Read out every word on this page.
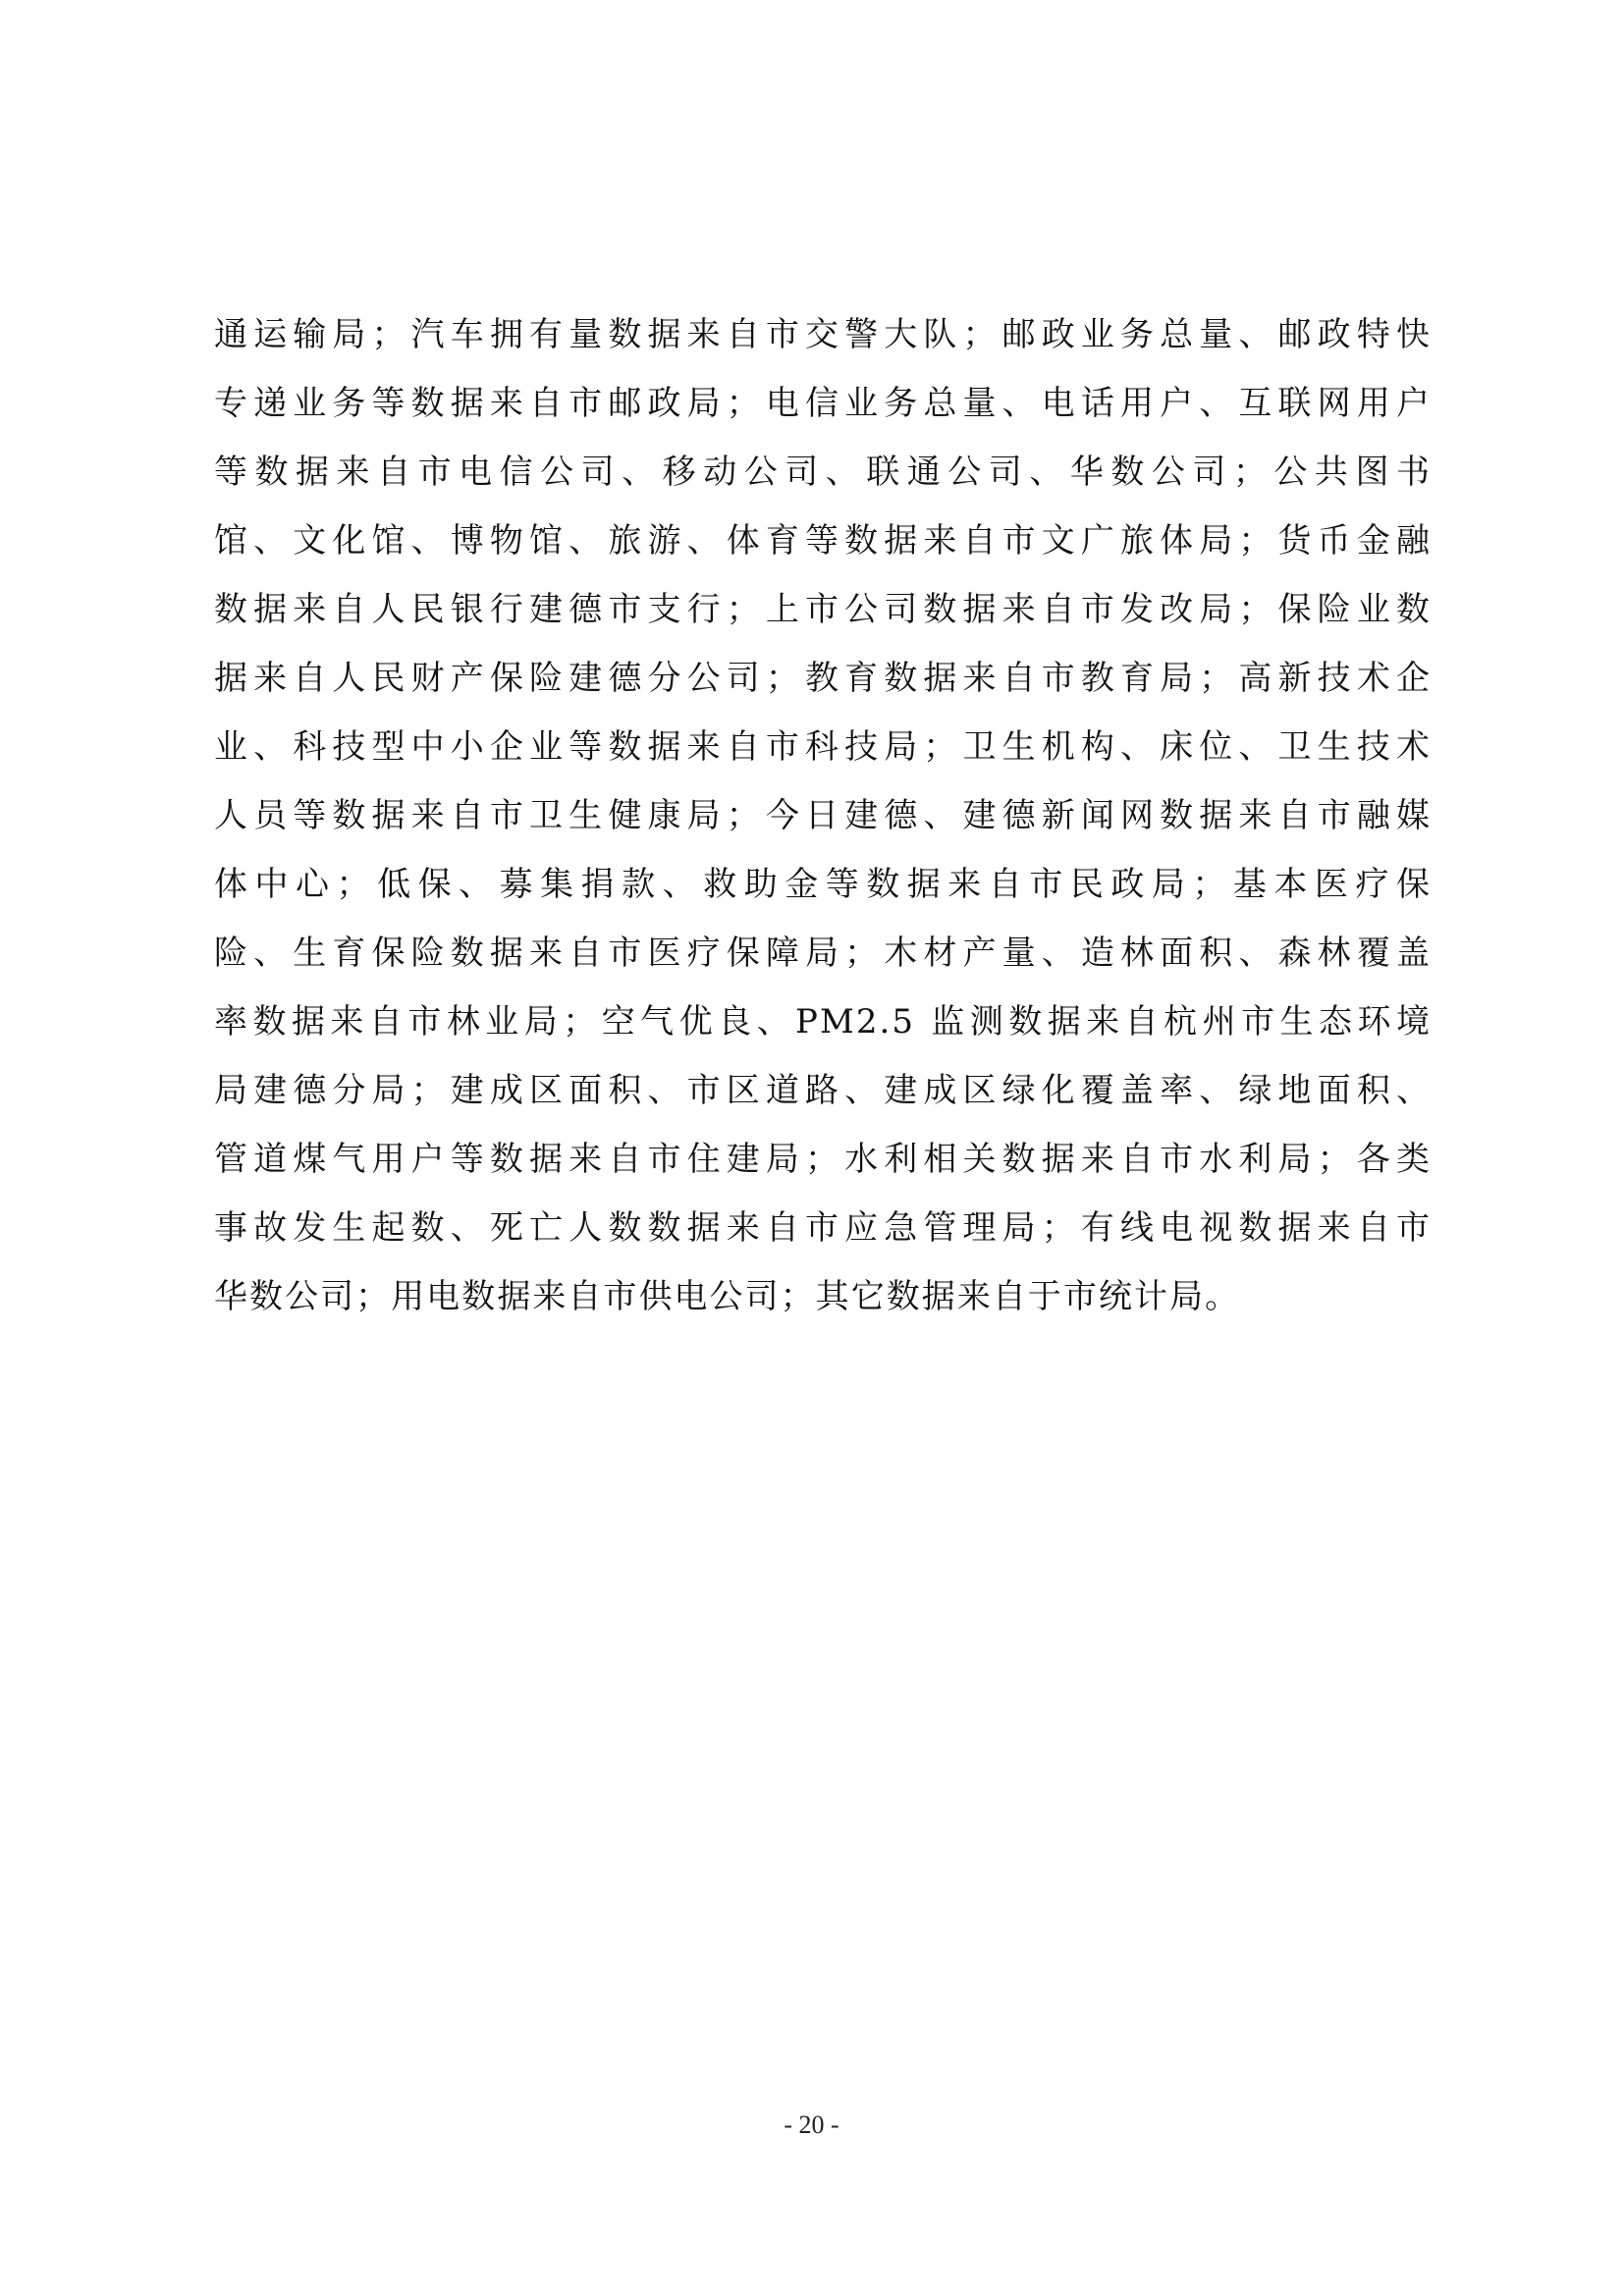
通运输局；汽车拥有量数据来自市交警大队；邮政业务总量、邮政特快
专递业务等数据来自市邮政局；电信业务总量、电话用户、互联网用户
等数据来自市电信公司、移动公司、联通公司、华数公司；公共图书
馆、文化馆、博物馆、旅游、体育等数据来自市文广旅体局；货币金融
数据来自人民银行建德市支行；上市公司数据来自市发改局；保险业数
据来自人民财产保险建德分公司；教育数据来自市教育局；高新技术企
业、科技型中小企业等数据来自市科技局；卫生机构、床位、卫生技术
人员等数据来自市卫生健康局；今日建德、建德新闻网数据来自市融媒
体中心；低保、募集捐款、救助金等数据来自市民政局；基本医疗保
险、生育保险数据来自市医疗保障局；木材产量、造林面积、森林覆盖
率数据来自市林业局；空气优良、PM2.5 监测数据来自杭州市生态环境
局建德分局；建成区面积、市区道路、建成区绿化覆盖率、绿地面积、
管道煤气用户等数据来自市住建局；水利相关数据来自市水利局；各类
事故发生起数、死亡人数数据来自市应急管理局；有线电视数据来自市
华数公司；用电数据来自市供电公司；其它数据来自于市统计局。
- 20 -
